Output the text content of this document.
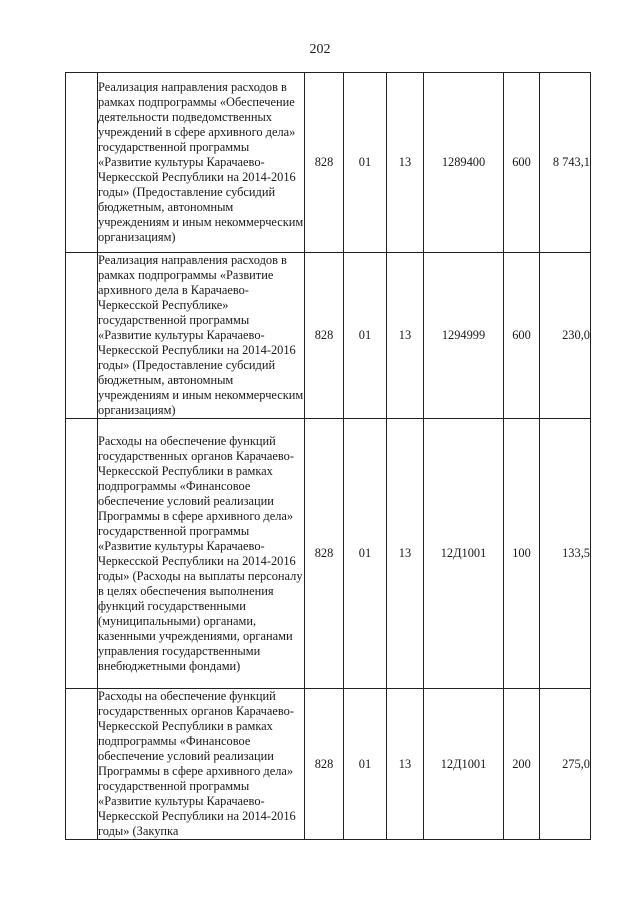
202
	Реализация направления расходов в рамках подпрограммы «Обеспечение деятельности подведомственных учреждений в сфере архивного дела» государственной программы «Развитие культуры Карачаево-Черкесской Республики на 2014-2016 годы» (Предоставление субсидий бюджетным, автономным учреждениям и иным некоммерческим организациям)	828	01	13	1289400	600	8 743,1
	Реализация направления расходов в рамках подпрограммы «Развитие архивного дела в Карачаево-Черкесской Республике» государственной программы «Развитие культуры Карачаево-Черкесской Республики на 2014-2016 годы» (Предоставление субсидий бюджетным, автономным учреждениям и иным некоммерческим организациям)	828	01	13	1294999	600	230,0
	Расходы на обеспечение функций государственных органов Карачаево-Черкесской Республики в рамках подпрограммы «Финансовое обеспечение условий реализации Программы в сфере архивного дела» государственной программы «Развитие культуры Карачаево-Черкесской Республики на 2014-2016 годы» (Расходы на выплаты персоналу в целях обеспечения выполнения функций государственными (муниципальными) органами, казенными учреждениями, органами управления государственными внебюджетными фондами)	828	01	13	12Д1001	100	133,5
	Расходы на обеспечение функций государственных органов Карачаево-Черкесской Республики в рамках подпрограммы «Финансовое обеспечение условий реализации Программы в сфере архивного дела» государственной программы «Развитие культуры Карачаево-Черкесской Республики на 2014-2016 годы» (Закупка	828	01	13	12Д1001	200	275,0
